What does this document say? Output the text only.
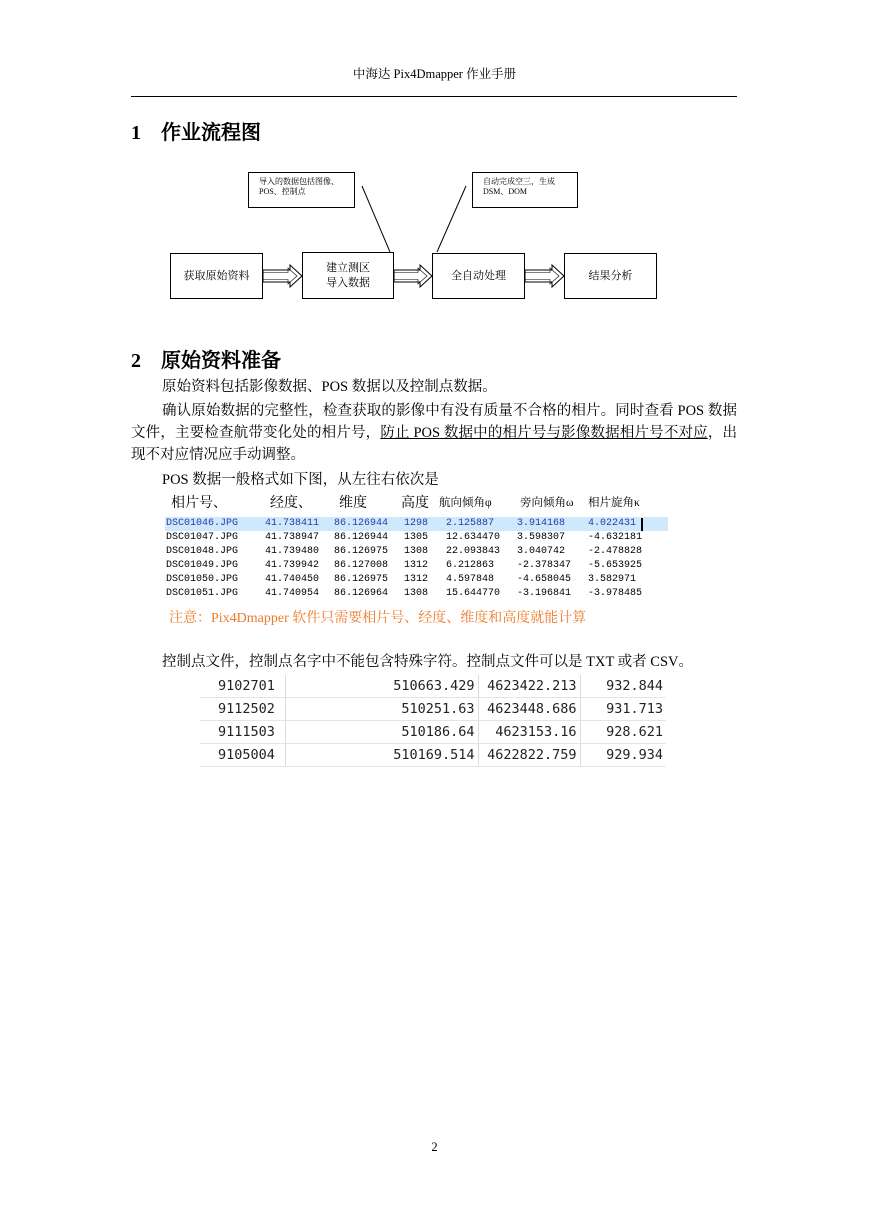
中海达 Pix4Dmapper 作业手册
1 作业流程图
导入的数据包括图像、POS、控制点
自动完成空三，生成DSM、DOM
获取原始资料
建立测区导入数据
全自动处理	结果分析
2 原始资料准备
原始资料包括影像数据、POS 数据以及控制点数据。
确认原始数据的完整性，检查获取的影像中有没有质量不合格的相片。同时查看 POS 数据文件，主要检查航带变化处的相片号，防止 POS 数据中的相片号与影像数据相片号不对应，出现不对应情况应手动调整。
POS 数据一般格式如下图，从左往右依次是
相片号、	经度、 维度 高度 航向倾角φ 旁向倾角ω 相片旋角κ
DSC01046.JPG	41.738411 86.126944 1298 2.125887 3.914168 4.022431
DSC01047.JPG	41.738947 86.126944 1305 12.634470 3.598307 -4.632181
DSC01048.JPG	41.739480 86.126975 1308 22.093843 3.040742 -2.478828
DSC01049.JPG	41.739942 86.127008 1312 6.212863 -2.378347 -5.653925
DSC01050.JPG	41.740450 86.126975 1312 4.597848 -4.658045 3.582971
DSC01051.JPG	41.740954 86.126964 1308 15.644770 -3.196841 -3.978485
注意：Pix4Dmapper 软件只需要相片号、经度、维度和高度就能计算
控制点文件，控制点名字中不能包含特殊字符。控制点文件可以是 TXT 或者 CSV。
9102701	510663.429	4623422.213	932.844
9112502	510251.63	4623448.686	931.713
9111503	510186.64	4623153.16	928.621
9105004	510169.514	4622822.759	929.934
2
